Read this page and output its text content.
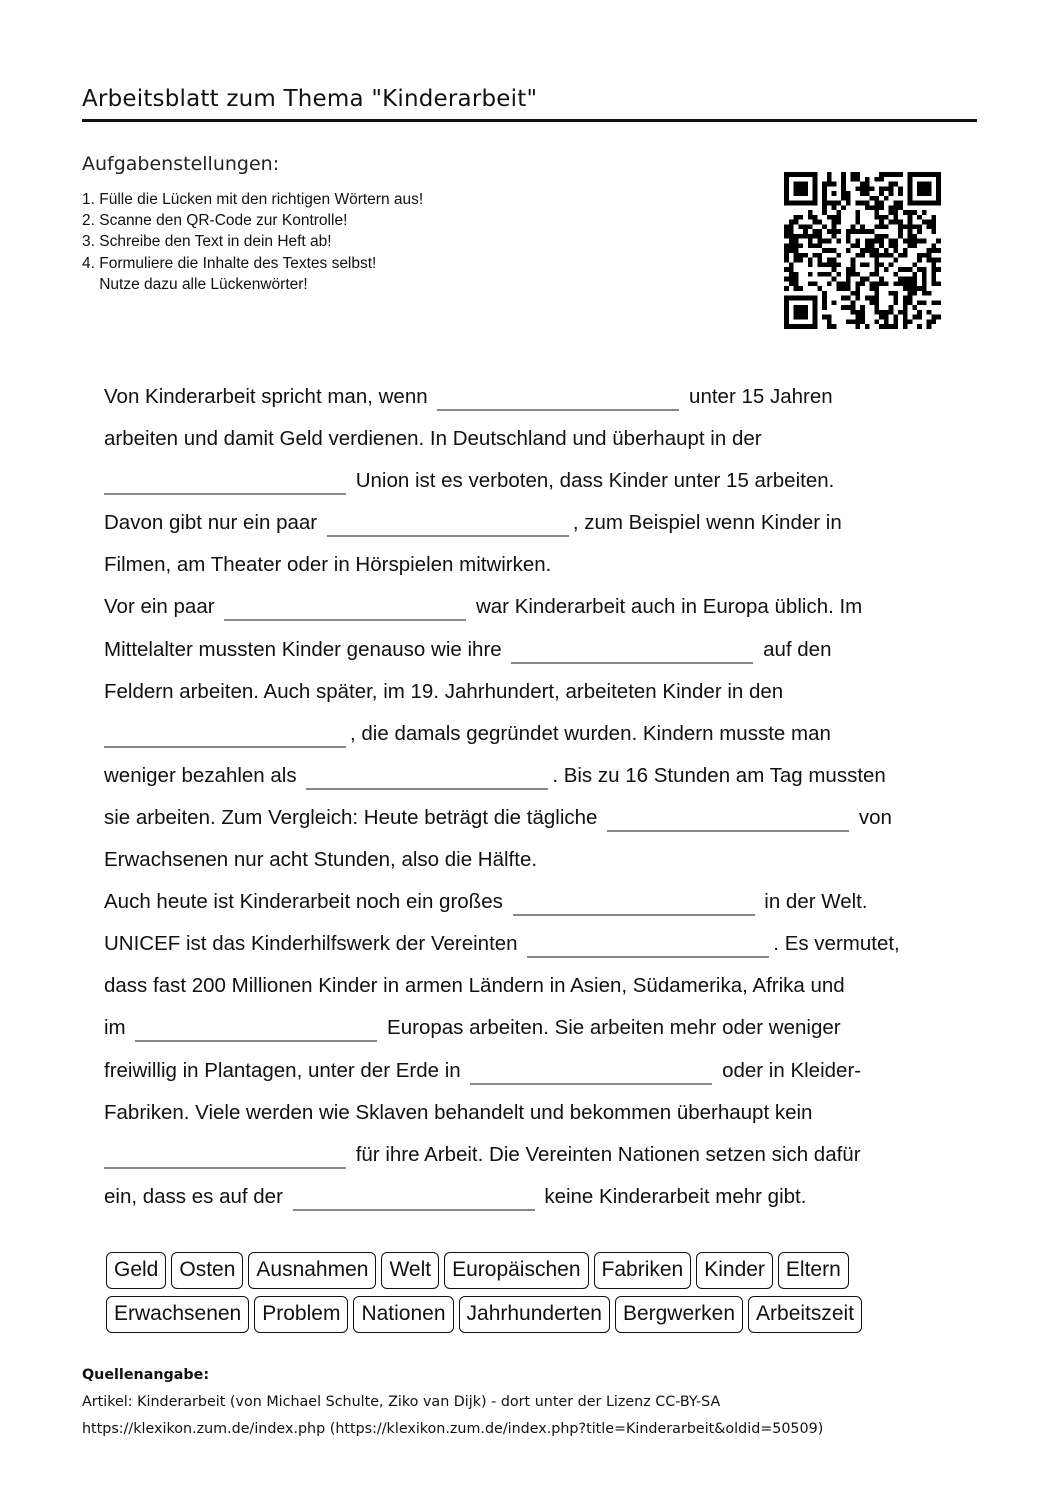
Arbeitsblatt zum Thema "Kinderarbeit"
Aufgabenstellungen:
1. Fülle die Lücken mit den richtigen Wörtern aus!
2. Scanne den QR-Code zur Kontrolle!
3. Schreibe den Text in dein Heft ab!
4. Formuliere die Inhalte des Textes selbst!
Nutze dazu alle Lückenwörter!
Von Kinderarbeit spricht man, wenn	unter 15 Jahren
arbeiten und damit Geld verdienen. In Deutschland und überhaupt in der
Union ist es verboten, dass Kinder unter 15 arbeiten.
Davon gibt nur ein paar	, zum Beispiel wenn Kinder in
Filmen, am Theater oder in Hörspielen mitwirken.
Vor ein paar	war Kinderarbeit auch in Europa üblich. Im
Mittelalter mussten Kinder genauso wie ihre	auf den
Feldern arbeiten. Auch später, im 19. Jahrhundert, arbeiteten Kinder in den
, die damals gegründet wurden. Kindern musste man
weniger bezahlen als	. Bis zu 16 Stunden am Tag mussten
sie arbeiten. Zum Vergleich: Heute beträgt die tägliche	von
Erwachsenen nur acht Stunden, also die Hälfte.
Auch heute ist Kinderarbeit noch ein großes	in der Welt.
UNICEF ist das Kinderhilfswerk der Vereinten	. Es vermutet,
dass fast 200 Millionen Kinder in armen Ländern in Asien, Südamerika, Afrika und
im	Europas arbeiten. Sie arbeiten mehr oder weniger
freiwillig in Plantagen, unter der Erde in	oder in Kleider-
Fabriken. Viele werden wie Sklaven behandelt und bekommen überhaupt kein
für ihre Arbeit. Die Vereinten Nationen setzen sich dafür
ein, dass es auf der	keine Kinderarbeit mehr gibt.
Geld	Osten	Ausnahmen	Welt	Europäischen	Fabriken	Kinder	Eltern
Erwachsenen	Problem	Nationen	Jahrhunderten	Bergwerken	Arbeitszeit
Quellenangabe:
Artikel: Kinderarbeit (von Michael Schulte, Ziko van Dijk) - dort unter der Lizenz CC-BY-SA
https://klexikon.zum.de/index.php (https://klexikon.zum.de/index.php?title=Kinderarbeit&oldid=50509)
